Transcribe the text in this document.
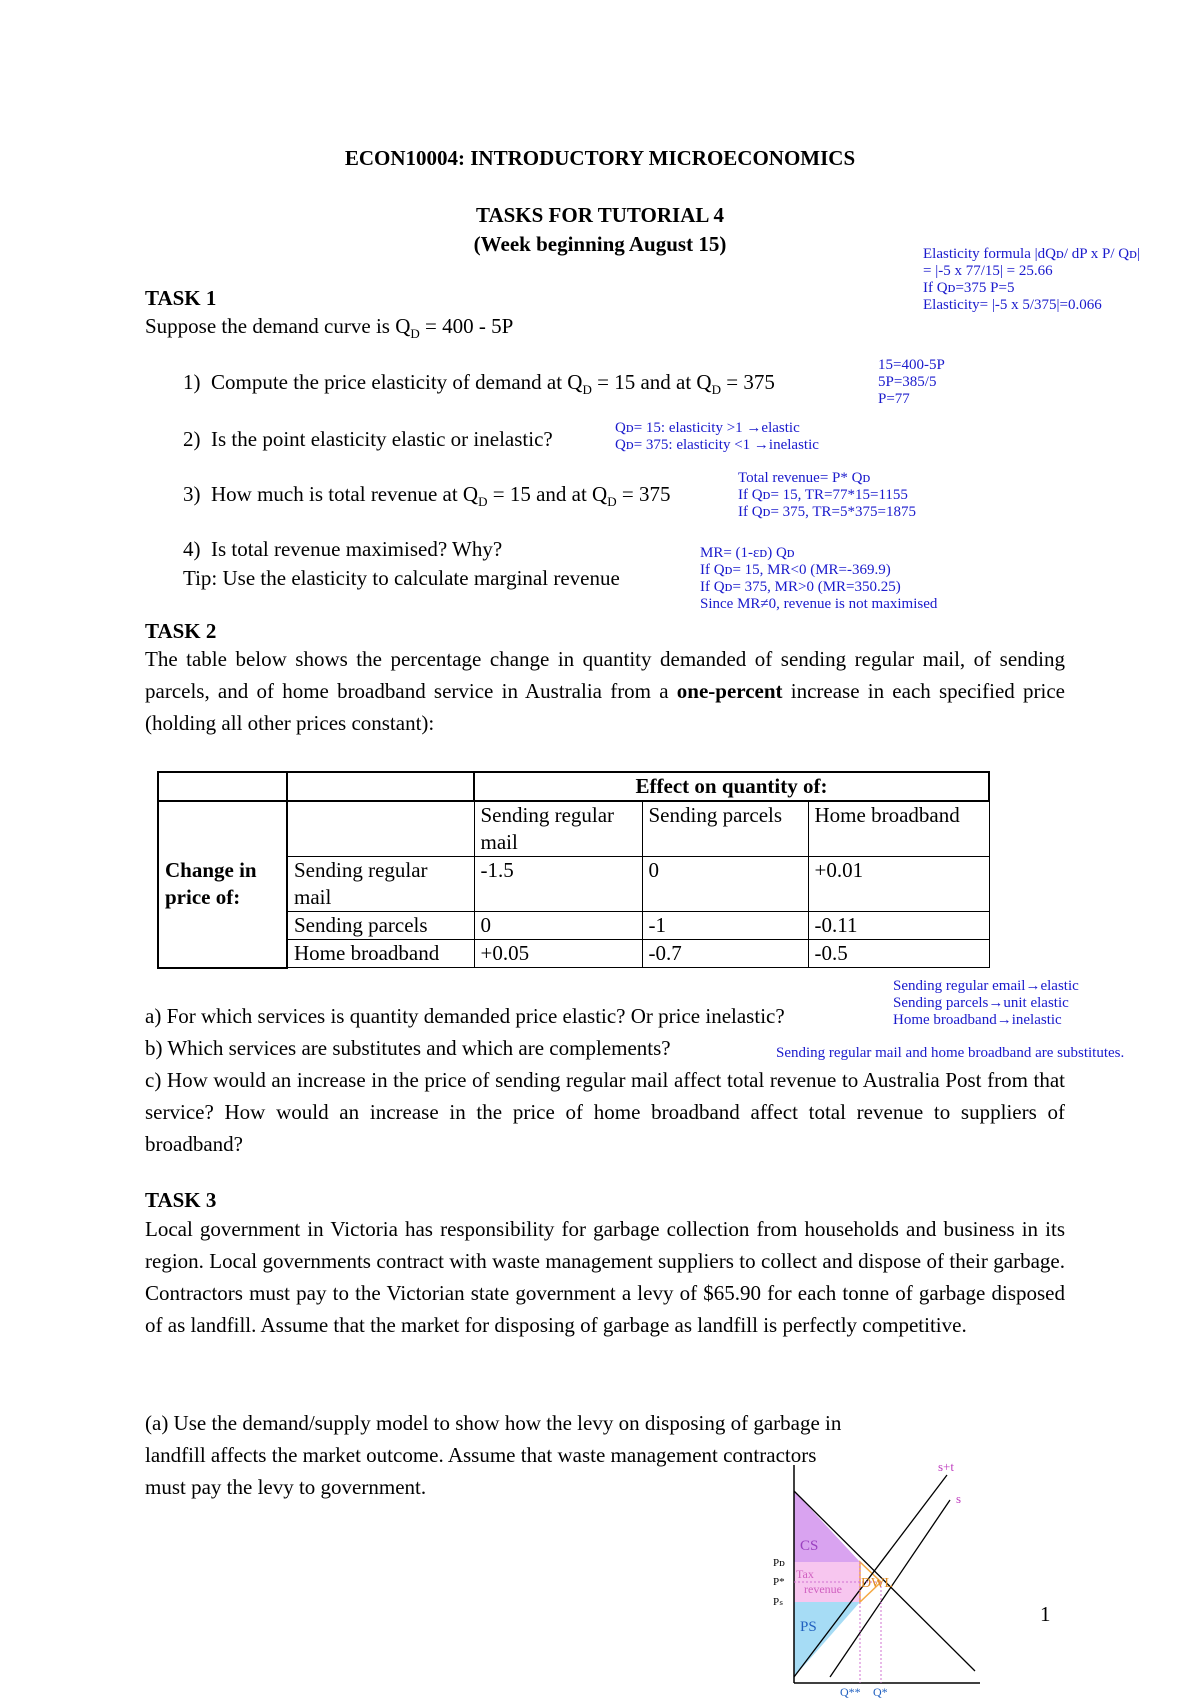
ECON10004: INTRODUCTORY MICROECONOMICS
TASKS FOR TUTORIAL 4
(Week beginning August 15)
TASK 1
Suppose the demand curve is $Q_D = 400 - 5P$
1) Compute the price elasticity of demand at $Q_D = 15$ and at $Q_D = 375$
2) Is the point elasticity elastic or inelastic?
3) How much is total revenue at $Q_D = 15$ and at $Q_D = 375$
4) Is total revenue maximised? Why?
Tip: Use the elasticity to calculate marginal revenue
Elasticity formula |dQᴅ/ dP x P/ Qᴅ|
= |-5 x 77/15| = 25.66
If Qᴅ=375 P=5
Elasticity= |-5 x 5/375|=0.066
15=400-5P
5P=385/5
P=77
Qᴅ= 15: elasticity >1 →elastic
Qᴅ= 375: elasticity <1 →inelastic
Total revenue= P* Qᴅ
If Qᴅ= 15, TR=77*15=1155
If Qᴅ= 375, TR=5*375=1875
MR= (1-εᴅ) Qᴅ
If Qᴅ= 15, MR<0 (MR=-369.9)
If Qᴅ= 375, MR>0 (MR=350.25)
Since MR≠0, revenue is not maximised
TASK 2
The table below shows the percentage change in quantity demanded of sending regular mail, of sending parcels, and of home broadband service in Australia from a one-percent increase in each specified price (holding all other prices constant):
		Effect on quantity of:		
Change in price of:		Sending regular mail	Sending parcels	Home broadband
	Sending regular mail	-1.5	0	+0.01
	Sending parcels	0	-1	-0.11
	Home broadband	+0.05	-0.7	-0.5
Sending regular email→elastic
Sending parcels→unit elastic
Home broadband→inelastic
Sending regular mail and home broadband are substitutes.
a) For which services is quantity demanded price elastic? Or price inelastic?
b) Which services are substitutes and which are complements?
c) How would an increase in the price of sending regular mail affect total revenue to Australia Post from that service? How would an increase in the price of home broadband affect total revenue to suppliers of broadband?
TASK 3
Local government in Victoria has responsibility for garbage collection from households and business in its region. Local governments contract with waste management suppliers to collect and dispose of their garbage. Contractors must pay to the Victorian state government a levy of $65.90 for each tonne of garbage disposed of as landfill. Assume that the market for disposing of garbage as landfill is perfectly competitive.
(a) Use the demand/supply model to show how the levy on disposing of garbage in
landfill affects the market outcome. Assume that waste management contractors
must pay the levy to government.
s+t
s
CS
Tax
revenue DWL
PS
Pᴅ
P*
Pₛ
Q** Q*
1
